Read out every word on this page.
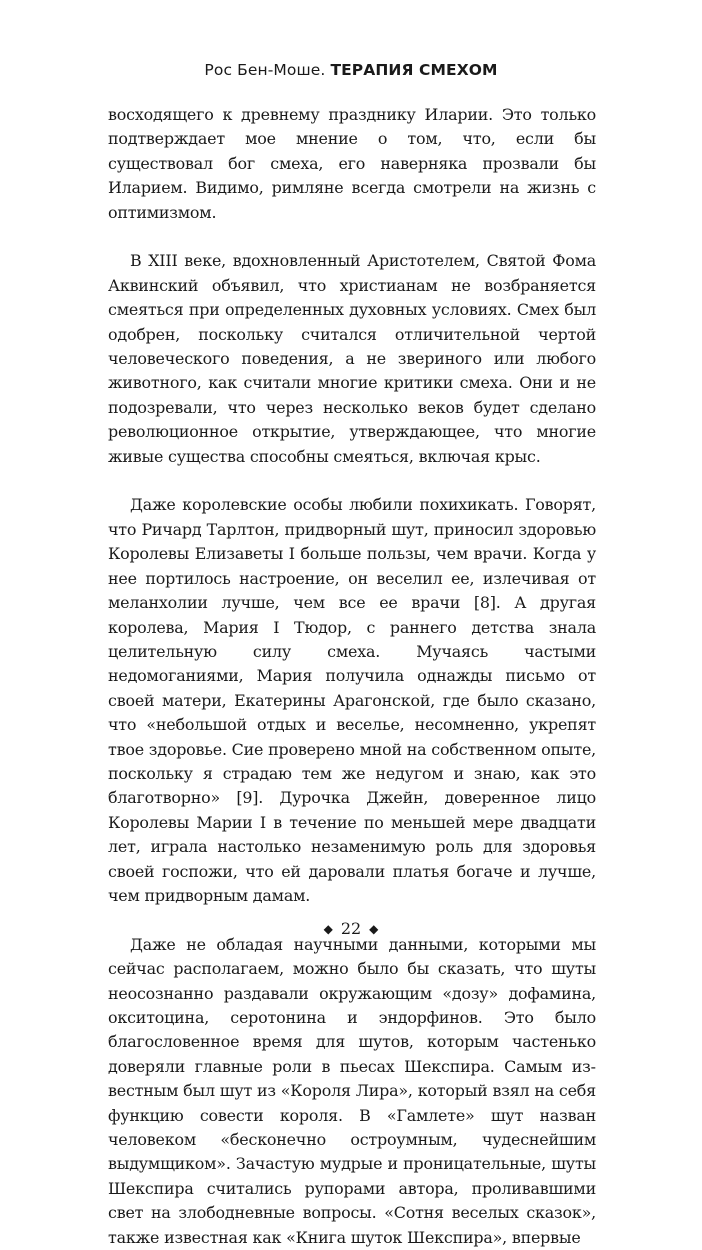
Рос Бен-Моше. ТЕРАПИЯ СМЕХОМ

восходящего к древнему празднику Иларии. Это только подтверждает мое мнение о том, что, если бы существовал бог смеха, его наверняка прозвали бы Иларием. Видимо, римляне всегда смотрели на жизнь с оптимизмом.

В XIII веке, вдохновленный Аристотелем, Святой Фома Аквинский объявил, что христианам не возбраняется смеяться при определенных духовных условиях. Смех был одобрен, поскольку считался отличительной чертой человеческого поведения, а не звериного или любого животного, как считали многие критики смеха. Они и не подозревали, что через несколько веков будет сделано революционное открытие, утверждающее, что многие живые существа способны смеяться, включая крыс.

Даже королевские особы любили похихикать. Говорят, что Ричард Тарлтон, придворный шут, приносил здоровью Королевы Елизаветы I больше пользы, чем врачи. Когда у нее портилось настроение, он веселил ее, излечивая от меланхолии лучше, чем все ее врачи [8]. А другая королева, Мария I Тюдор, с раннего детства знала целительную силу смеха. Мучаясь частыми недомоганиями, Мария получила однажды письмо от своей матери, Екатерины Арагонской, где было сказано, что «небольшой отдых и веселье, несомненно, укрепят твое здоровье. Сие проверено мной на собственном опыте, поскольку я страдаю тем же недугом и знаю, как это благотворно» [9]. Дурочка Джейн, доверенное лицо Королевы Марии I в течение по меньшей мере двадцати лет, играла настолько незаменимую роль для здоровья своей госпожи, что ей даровали платья богаче и лучше, чем придворным дамам.

Даже не обладая научными данными, которыми мы сейчас располагаем, можно было бы сказать, что шуты неосознанно раздавали окружающим «дозу» дофамина, окситоцина, серотонина и эндорфинов. Это было благословенное время для шутов, которым частенько доверяли главные роли в пьесах Шекспира. Самым известным был шут из «Короля Лира», который взял на себя функцию совести короля. В «Гамлете» шут назван человеком «бесконечно остроумным, чудеснейшим выдумщиком». Зачастую мудрые и проницательные, шуты Шекспира считались рупорами автора, проливавшими свет на злободневные вопросы. «Сотня веселых сказок», также известная как «Книга шуток Шекспира», впервые

◆ 22 ◆
